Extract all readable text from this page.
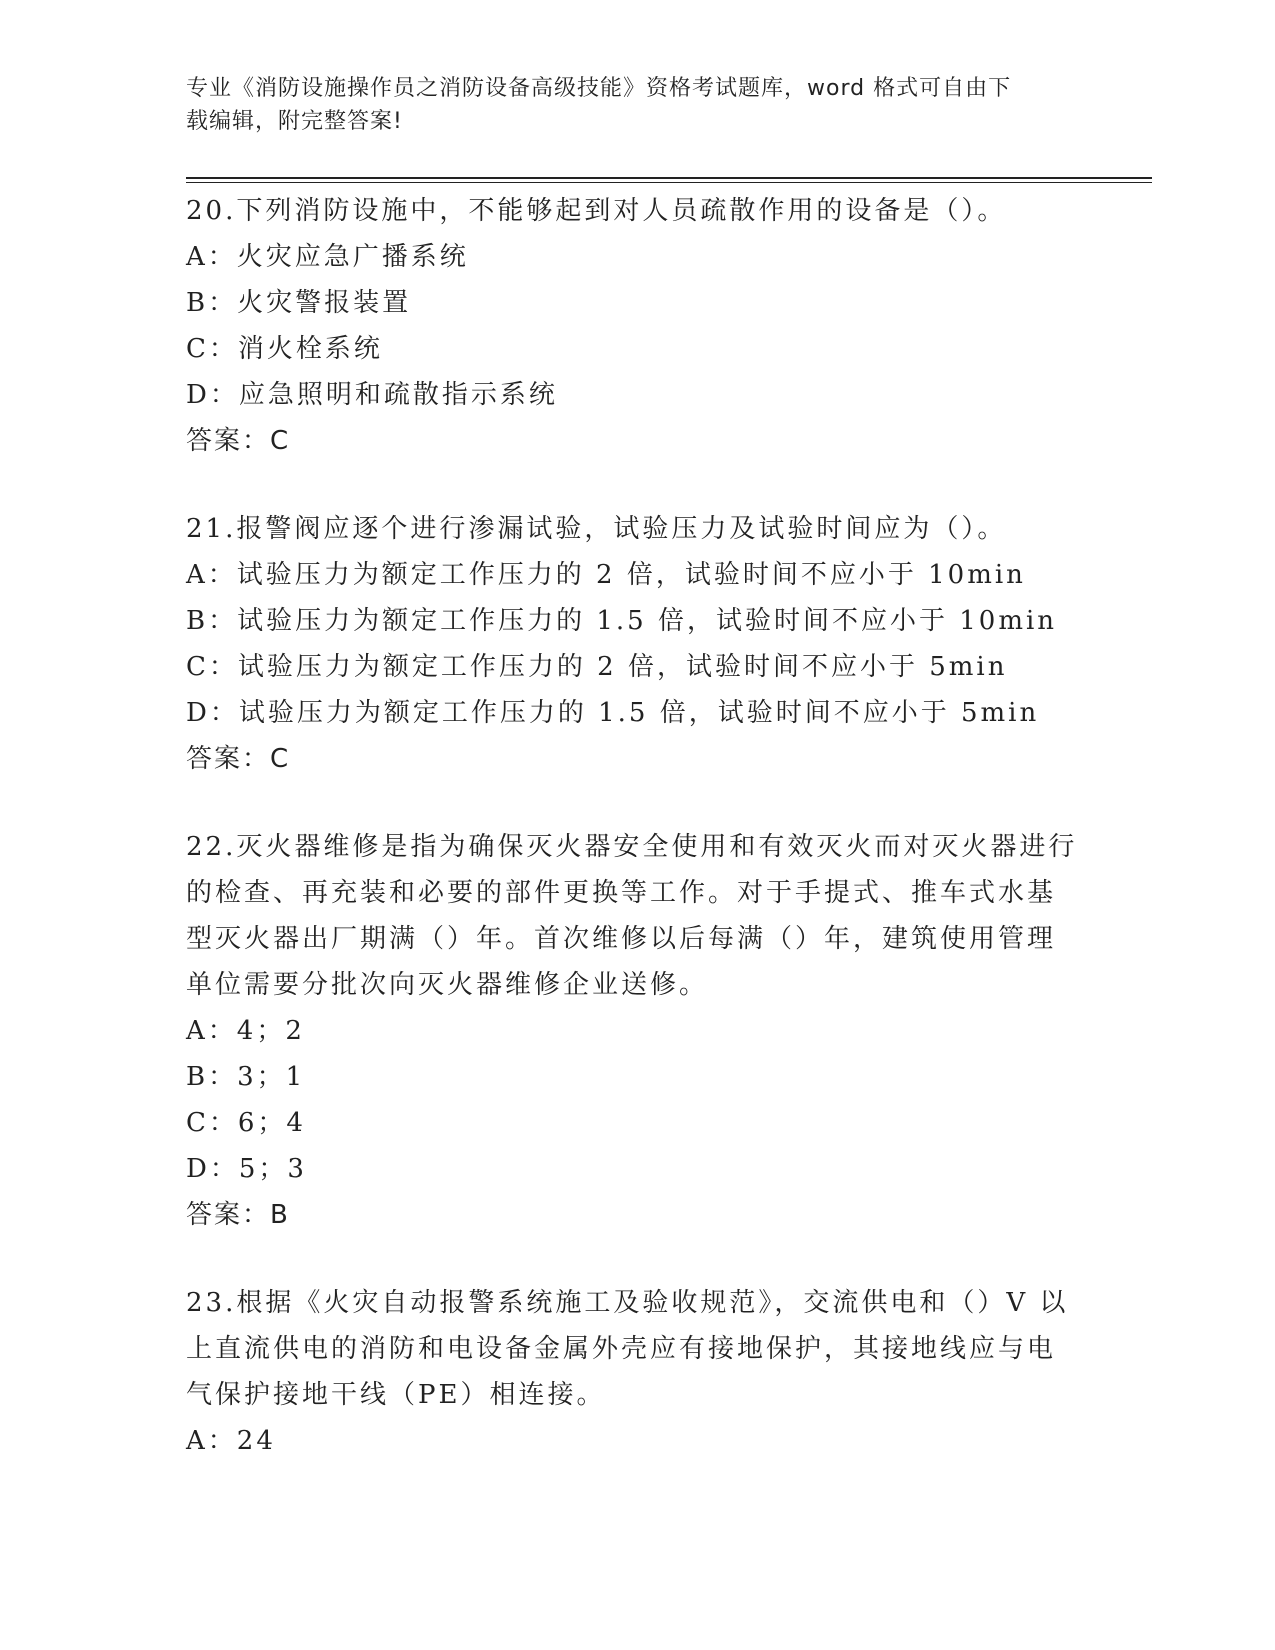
专业《消防设施操作员之消防设备高级技能》资格考试题库，word 格式可自由下
载编辑，附完整答案!
20.下列消防设施中，不能够起到对人员疏散作用的设备是（）。
A：火灾应急广播系统
B：火灾警报装置
C：消火栓系统
D：应急照明和疏散指示系统
答案：C
21.报警阀应逐个进行渗漏试验，试验压力及试验时间应为（）。
A：试验压力为额定工作压力的 2 倍，试验时间不应小于 10min
B：试验压力为额定工作压力的 1.5 倍，试验时间不应小于 10min
C：试验压力为额定工作压力的 2 倍，试验时间不应小于 5min
D：试验压力为额定工作压力的 1.5 倍，试验时间不应小于 5min
答案：C
22.灭火器维修是指为确保灭火器安全使用和有效灭火而对灭火器进行
的检查、再充装和必要的部件更换等工作。对于手提式、推车式水基
型灭火器出厂期满（）年。首次维修以后每满（）年，建筑使用管理
单位需要分批次向灭火器维修企业送修。
A：4；2
B：3；1
C：6；4
D：5；3
答案：B
23.根据《火灾自动报警系统施工及验收规范》，交流供电和（）V 以
上直流供电的消防和电设备金属外壳应有接地保护，其接地线应与电
气保护接地干线（PE）相连接。
A：24
